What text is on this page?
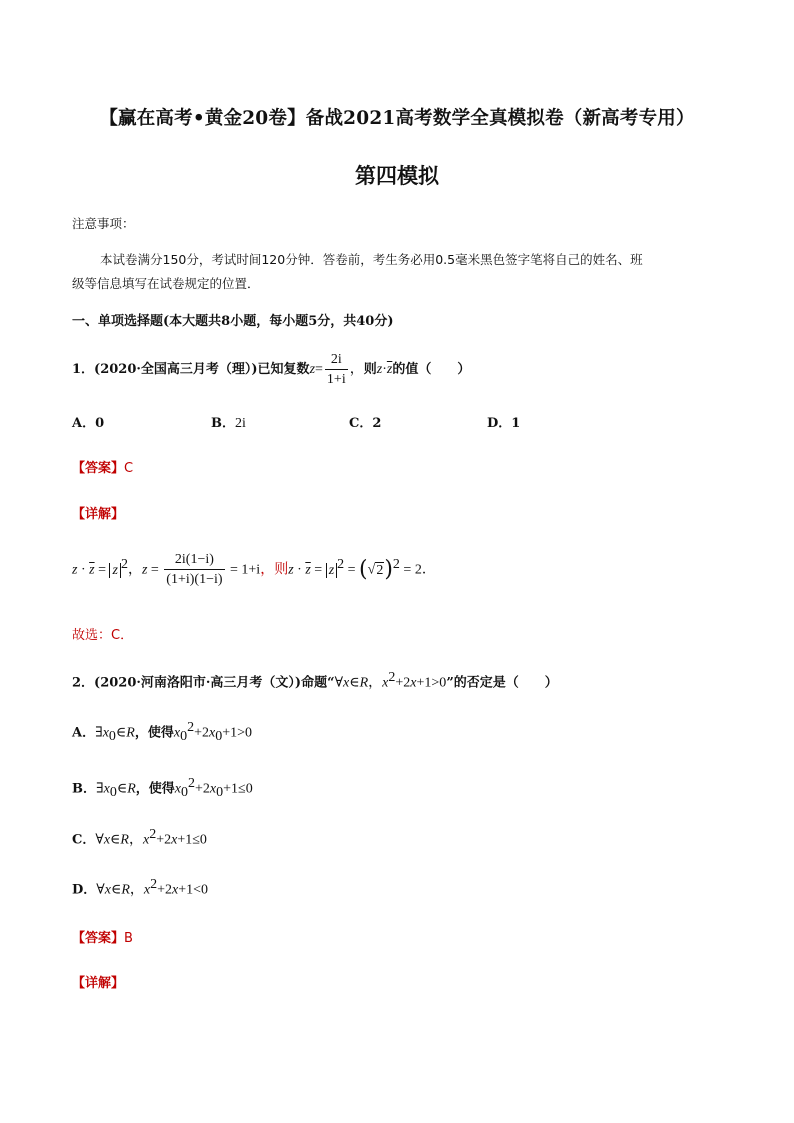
【赢在高考•黄金20卷】备战2021高考数学全真模拟卷（新高考专用）
第四模拟
注意事项：
本试卷满分150分，考试时间120分钟．答卷前，考生务必用0.5毫米黑色签字笔将自己的姓名、班
级等信息填写在试卷规定的位置．
一、单项选择题(本大题共8小题，每小题5分，共40分)
1．(2020·全国高三月考（理）)已知复数$z= \frac{2i}{1+i}$ ，则$z\cdot\overline{z}$的值（　　）
A．0	B．2i	C．2	D．1
【答案】C
【详解】
$z \cdot \overline{z} = z$ $^2$，$z = \frac{2i(1-i)}{(1+i)(1-i)} = 1+i$，则$z \cdot \overline{z} = z$ $^2 = (√2)^2 = 2$．
故选：C．
2．(2020·河南洛阳市·高三月考（文）)命题“∀x∈R，$x^2+2x+1>0$”的否定是（　　）
A．$\exists x_0\in R$，使得$x_0^2+2x_0+1>0$
B．$\exists x_0\in R$，使得$x_0^2+2x_0+1\le 0$
C．∀x∈R，$x^2+2x+1\le 0$
D．∀x∈R，$x^2+2x+1<0$
【答案】B
【详解】
